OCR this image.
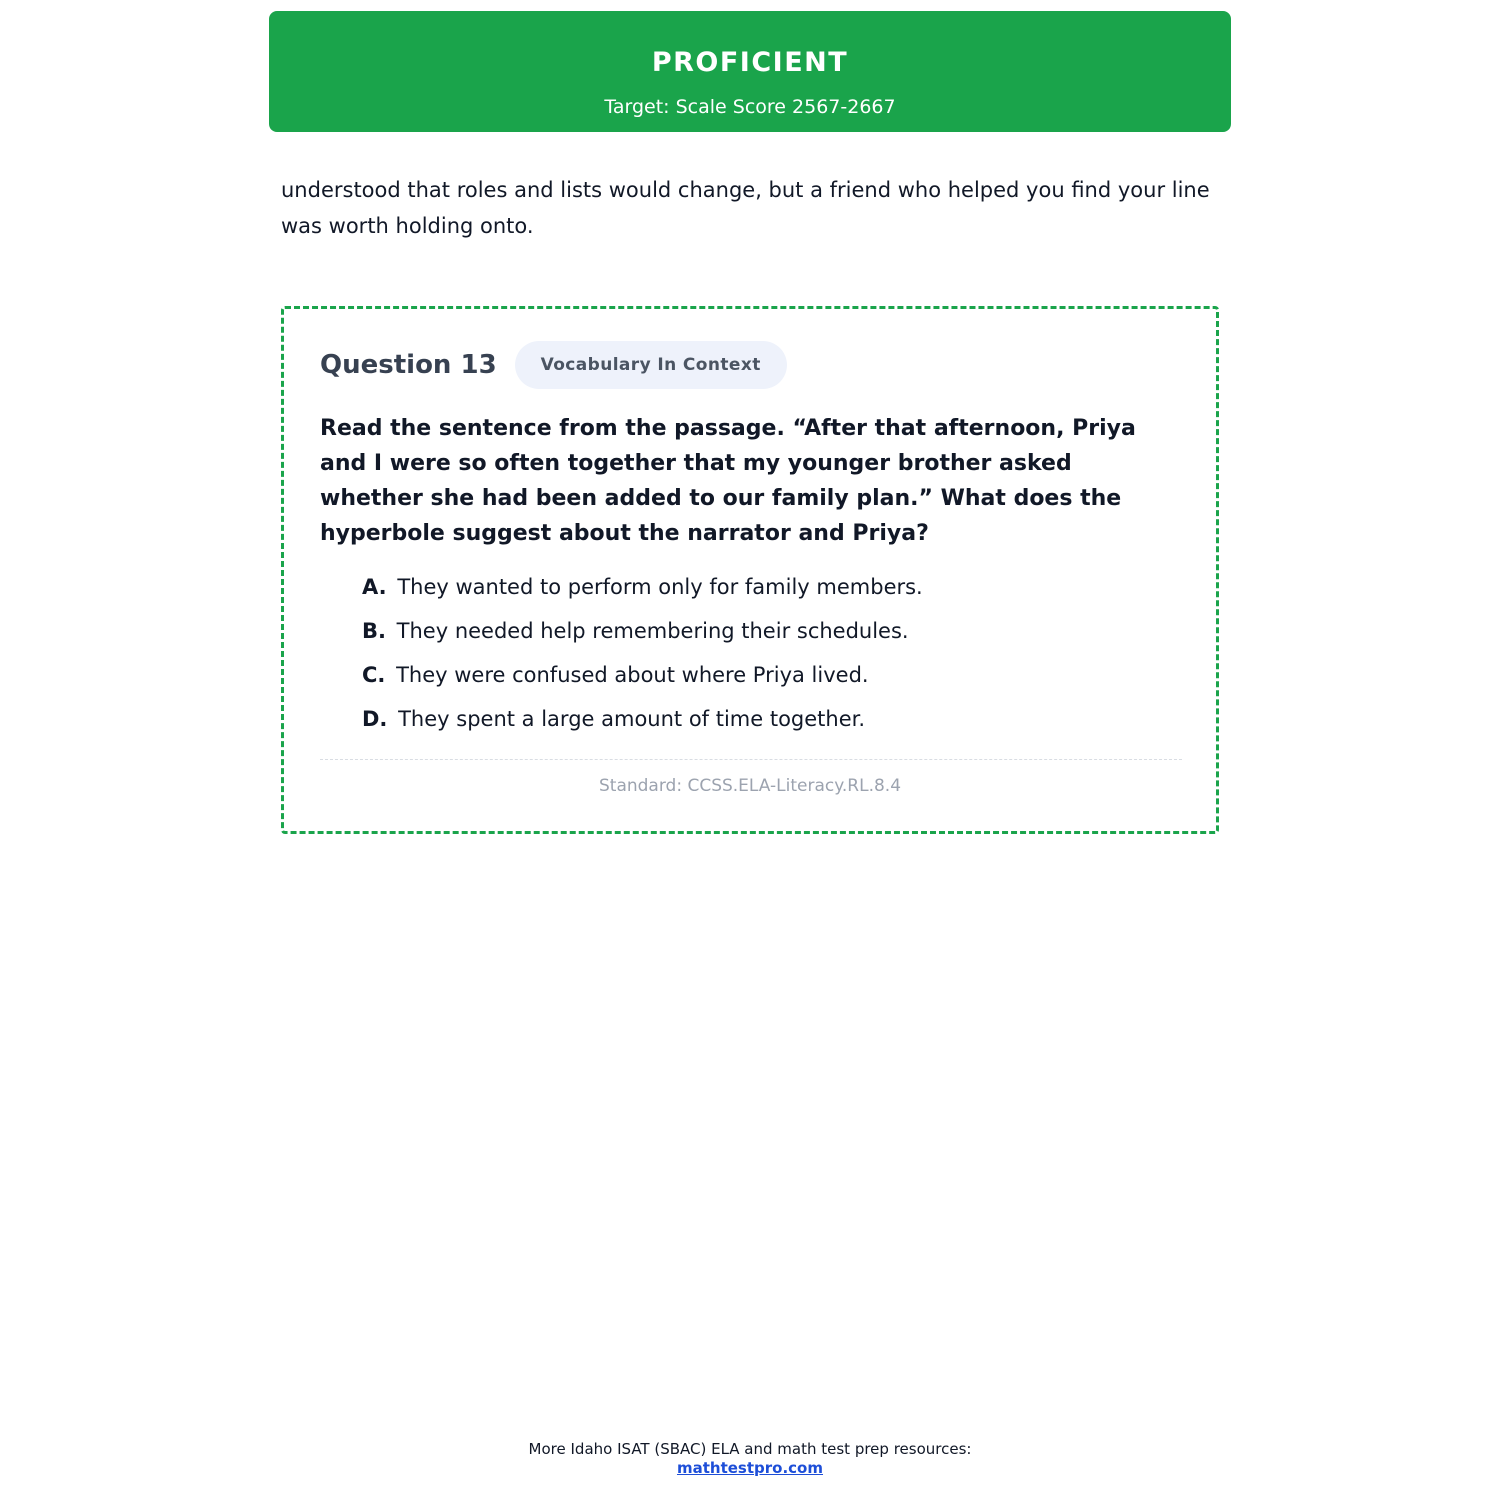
PROFICIENT
Target: Scale Score 2567-2667
understood that roles and lists would change, but a friend who helped you find your line was worth holding onto.
Question 13	Vocabulary In Context
Read the sentence from the passage. “After that afternoon, Priya and I were so often together that my younger brother asked whether she had been added to our family plan.” What does the hyperbole suggest about the narrator and Priya?
A. They wanted to perform only for family members.
B. They needed help remembering their schedules.
C. They were confused about where Priya lived.
D. They spent a large amount of time together.
Standard: CCSS.ELA-Literacy.RL.8.4
More Idaho ISAT (SBAC) ELA and math test prep resources:
mathtestpro.com
